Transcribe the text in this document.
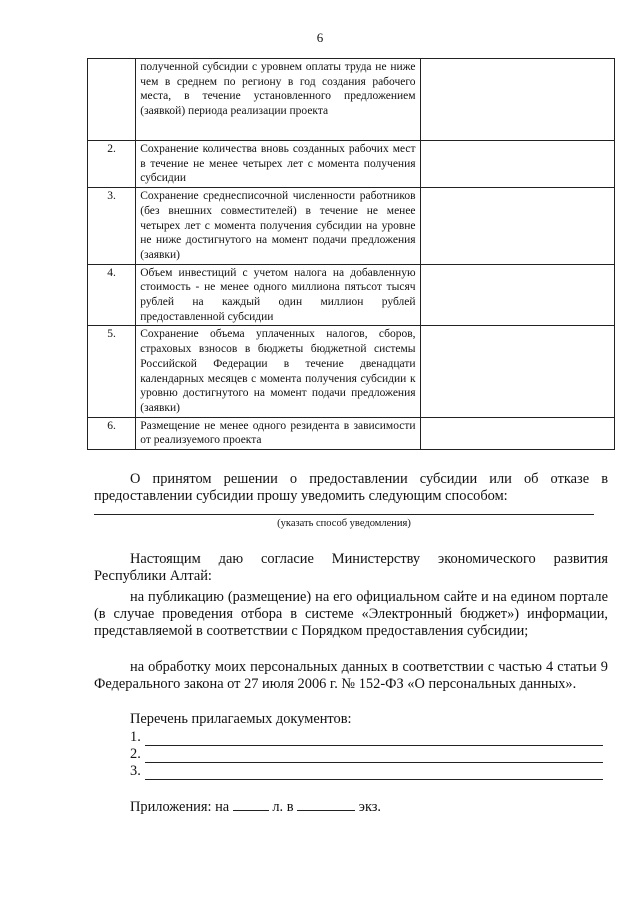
6
	полученной субсидии с уровнем оплаты труда не ниже чем в среднем по региону в год создания рабочего места, в течение установленного предложением (заявкой) периода реализации проекта	
2.	Сохранение количества вновь созданных рабочих мест в течение не менее четырех лет с момента получения субсидии	
3.	Сохранение среднесписочной численности работников (без внешних совместителей) в течение не менее четырех лет с момента получения субсидии на уровне не ниже достигнутого на момент подачи предложения (заявки)	
4.	Объем инвестиций с учетом налога на добавленную стоимость - не менее одного миллиона пятьсот тысяч рублей на каждый один миллион рублей предоставленной субсидии	
5.	Сохранение объема уплаченных налогов, сборов, страховых взносов в бюджеты бюджетной системы Российской Федерации в течение двенадцати календарных месяцев с момента получения субсидии к уровню достигнутого на момент подачи предложения (заявки)	
6.	Размещение не менее одного резидента в зависимости от реализуемого проекта	
О принятом решении о предоставлении субсидии или об отказе в предоставлении субсидии прошу уведомить следующим способом:
(указать способ уведомления)
Настоящим даю согласие Министерству экономического развития Республики Алтай:
на публикацию (размещение) на его официальном сайте и на едином портале (в случае проведения отбора в системе «Электронный бюджет») информации, представляемой в соответствии с Порядком предоставления субсидии;
на обработку моих персональных данных в соответствии с частью 4 статьи 9 Федерального закона от 27 июля 2006 г. № 152-ФЗ «О персональных данных».
Перечень прилагаемых документов:
1.
2.
3.
Приложения: на	л. в	экз.
